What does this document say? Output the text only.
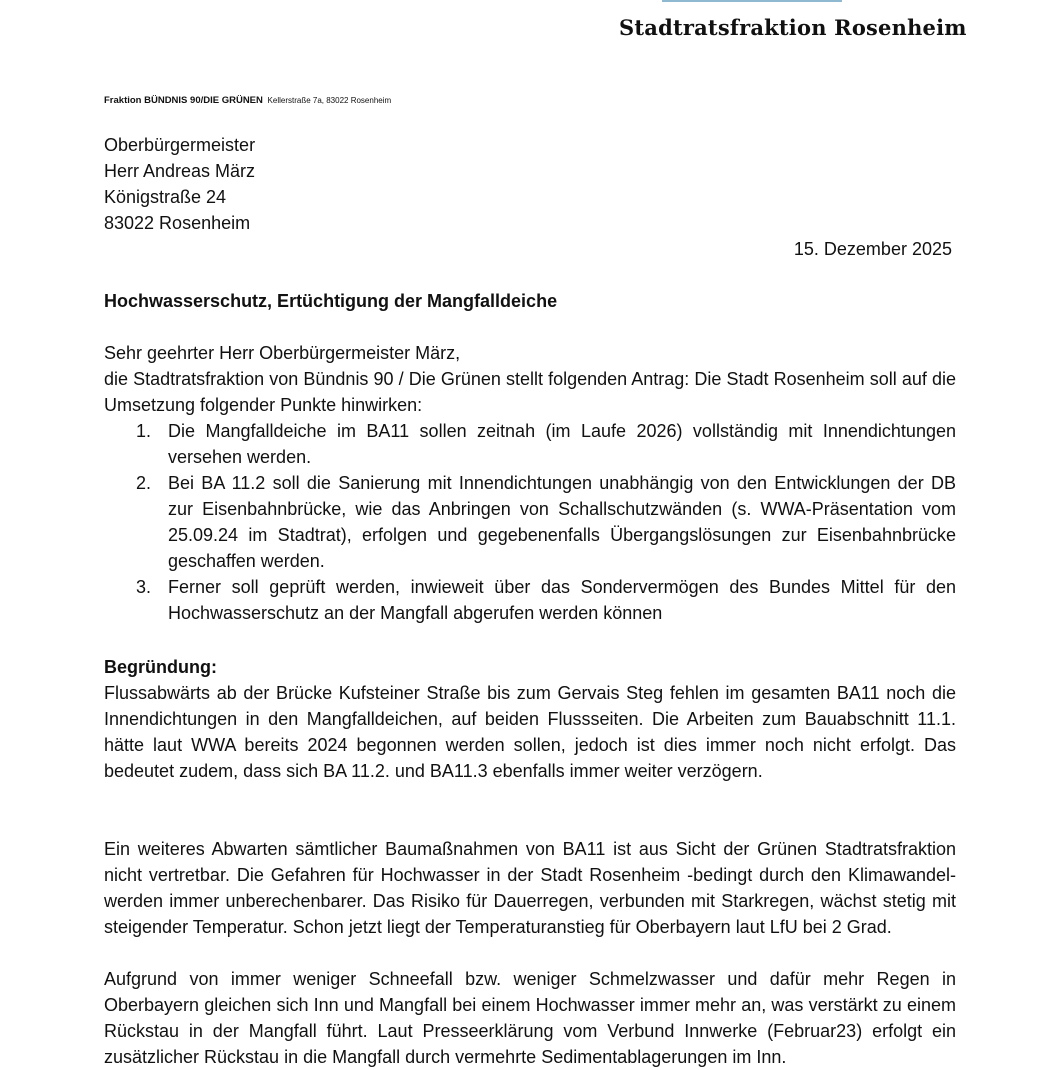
Stadtratsfraktion Rosenheim
Fraktion BÜNDNIS 90/DIE GRÜNEN Kellerstraße 7a, 83022 Rosenheim
Oberbürgermeister
Herr Andreas März
Königstraße 24
83022 Rosenheim
15. Dezember 2025
Hochwasserschutz, Ertüchtigung der Mangfalldeiche

Sehr geehrter Herr Oberbürgermeister März,

die Stadtratsfraktion von Bündnis 90 / Die Grünen stellt folgenden Antrag: Die Stadt Rosenheim soll auf die Umsetzung folgender Punkte hinwirken:

1. Die Mangfalldeiche im BA11 sollen zeitnah (im Laufe 2026) vollständig mit Innendichtungen versehen werden.
2. Bei BA 11.2 soll die Sanierung mit Innendichtungen unabhängig von den Entwicklungen der DB zur Eisenbahnbrücke, wie das Anbringen von Schallschutzwänden (s. WWA-Präsentation vom 25.09.24 im Stadtrat), erfolgen und gegebenenfalls Übergangslösungen zur Eisenbahnbrücke geschaffen werden.
3. Ferner soll geprüft werden, inwieweit über das Sondervermögen des Bundes Mittel für den Hochwasserschutz an der Mangfall abgerufen werden können
Begründung:

Flussabwärts ab der Brücke Kufsteiner Straße bis zum Gervais Steg fehlen im gesamten BA11 noch die Innendichtungen in den Mangfalldeichen, auf beiden Flussseiten. Die Arbeiten zum Bauabschnitt 11.1. hätte laut WWA bereits 2024 begonnen werden sollen, jedoch ist dies immer noch nicht erfolgt. Das bedeutet zudem, dass sich BA 11.2. und BA11.3 ebenfalls immer weiter verzögern.

Ein weiteres Abwarten sämtlicher Baumaßnahmen von BA11 ist aus Sicht der Grünen Stadtratsfraktion nicht vertretbar. Die Gefahren für Hochwasser in der Stadt Rosenheim -bedingt durch den Klimawandel- werden immer unberechenbarer. Das Risiko für Dauerregen, verbunden mit Starkregen, wächst stetig mit steigender Temperatur. Schon jetzt liegt der Temperaturanstieg für Oberbayern laut LfU bei 2 Grad.

Aufgrund von immer weniger Schneefall bzw. weniger Schmelzwasser und dafür mehr Regen in Oberbayern gleichen sich Inn und Mangfall bei einem Hochwasser immer mehr an, was verstärkt zu einem Rückstau in der Mangfall führt. Laut Presseerklärung vom Verbund Innwerke (Februar23) erfolgt ein zusätzlicher Rückstau in die Mangfall durch vermehrte Sedimentablagerungen im Inn.
